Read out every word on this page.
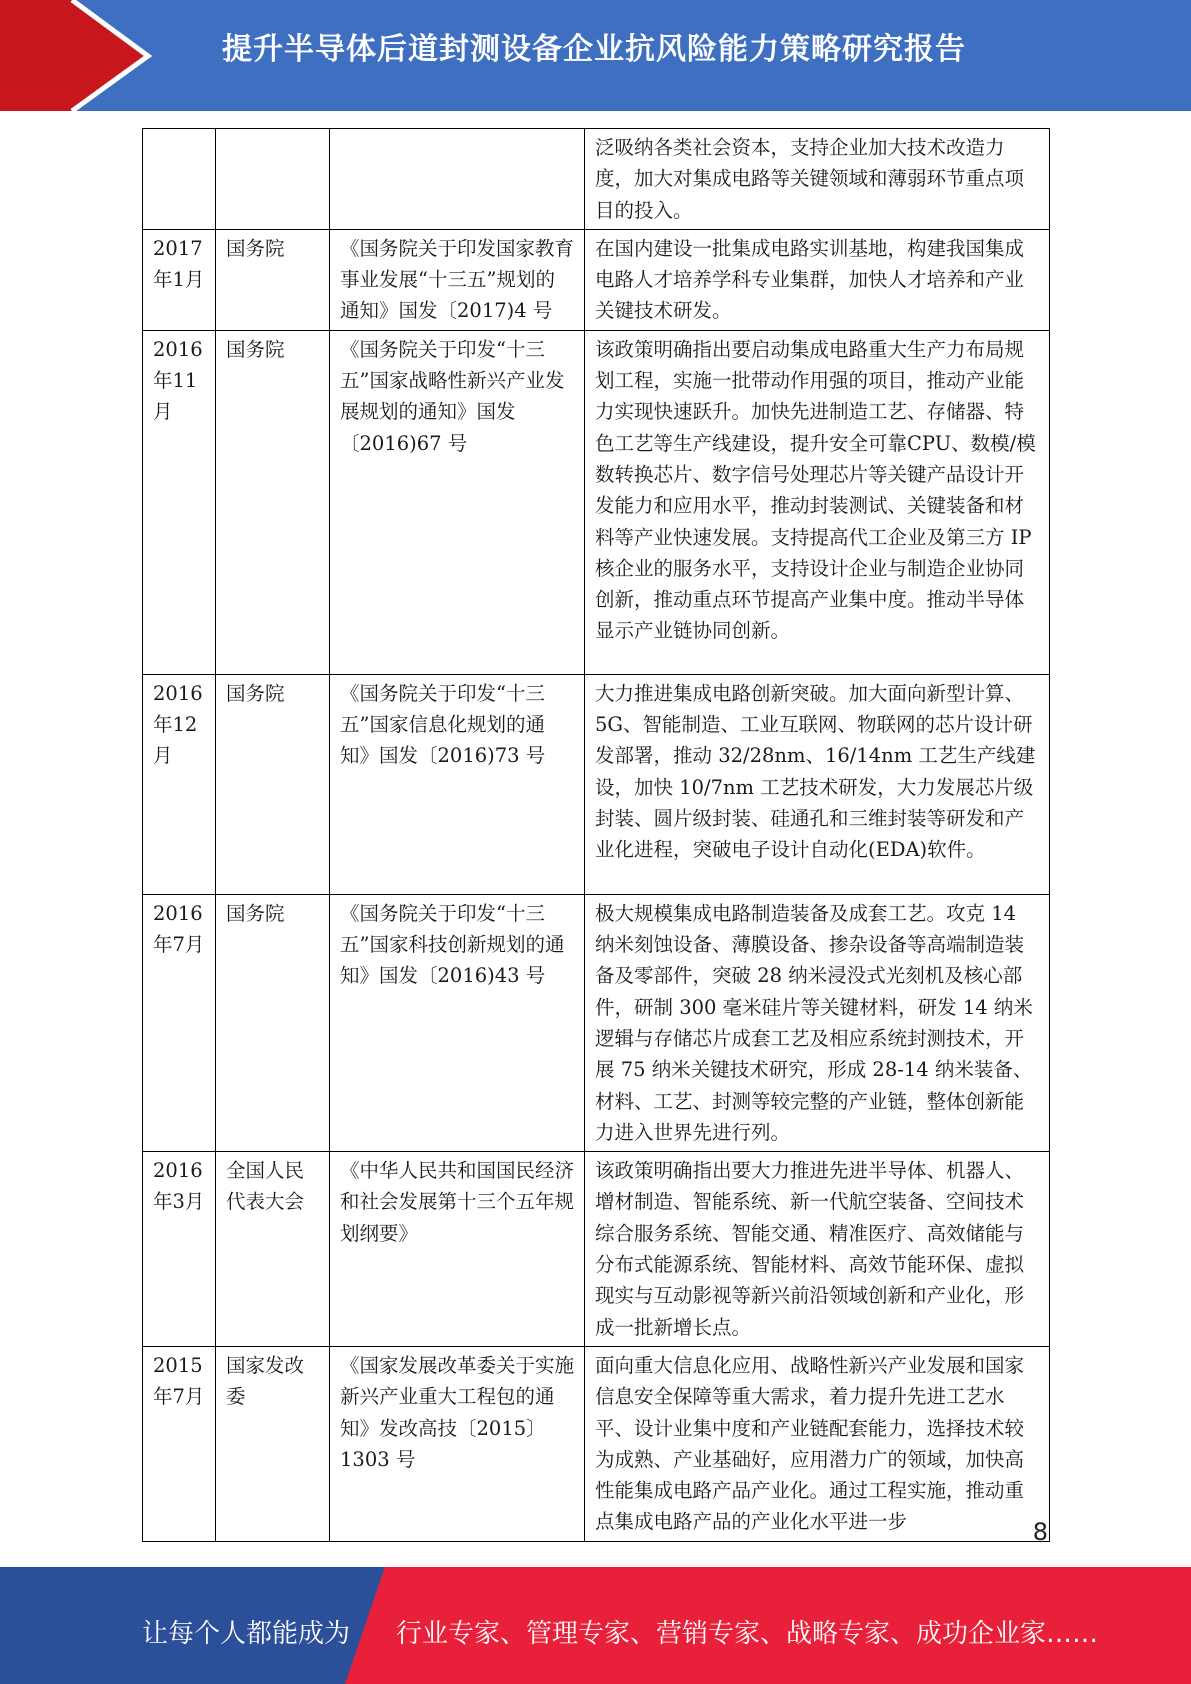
提升半导体后道封测设备企业抗风险能力策略研究报告
			泛吸纳各类社会资本，支持企业加大技术改造力度，加大对集成电路等关键领域和薄弱环节重点项目的投入。
2017年1月	国务院	《国务院关于印发国家教育事业发展“十三五”规划的通知》国发〔2017)4 号	在国内建设一批集成电路实训基地，构建我国集成电路人才培养学科专业集群，加快人才培养和产业关键技术研发。
2016年11月	国务院	《国务院关于印发“十三五”国家战略性新兴产业发展规划的通知》国发〔2016)67 号	该政策明确指出要启动集成电路重大生产力布局规划工程，实施一批带动作用强的项目，推动产业能力实现快速跃升。加快先进制造工艺、存储器、特色工艺等生产线建设，提升安全可靠CPU、数模/模数转换芯片、数字信号处理芯片等关键产品设计开发能力和应用水平，推动封装测试、关键装备和材料等产业快速发展。支持提高代工企业及第三方 IP 核企业的服务水平，支持设计企业与制造企业协同创新，推动重点环节提高产业集中度。推动半导体显示产业链协同创新。
2016年12月	国务院	《国务院关于印发“十三五”国家信息化规划的通知》国发〔2016)73 号	大力推进集成电路创新突破。加大面向新型计算、5G、智能制造、工业互联网、物联网的芯片设计研发部署，推动 32/28nm、16/14nm 工艺生产线建设，加快 10/7nm 工艺技术研发，大力发展芯片级封装、圆片级封装、硅通孔和三维封装等研发和产业化进程，突破电子设计自动化(EDA)软件。
2016年7月	国务院	《国务院关于印发“十三五”国家科技创新规划的通知》国发〔2016)43 号	极大规模集成电路制造装备及成套工艺。攻克 14 纳米刻蚀设备、薄膜设备、掺杂设备等高端制造装备及零部件，突破 28 纳米浸没式光刻机及核心部件，研制 300 毫米硅片等关键材料，研发 14 纳米逻辑与存储芯片成套工艺及相应系统封测技术，开展 75 纳米关键技术研究，形成 28-14 纳米装备、材料、工艺、封测等较完整的产业链，整体创新能力进入世界先进行列。
2016年3月	全国人民代表大会	《中华人民共和国国民经济和社会发展第十三个五年规划纲要》	该政策明确指出要大力推进先进半导体、机器人、增材制造、智能系统、新一代航空装备、空间技术综合服务系统、智能交通、精准医疗、高效储能与分布式能源系统、智能材料、高效节能环保、虚拟现实与互动影视等新兴前沿领域创新和产业化，形成一批新增长点。
2015年7月	国家发改委	《国家发展改革委关于实施新兴产业重大工程包的通知》发改高技〔2015〕1303 号	面向重大信息化应用、战略性新兴产业发展和国家信息安全保障等重大需求，着力提升先进工艺水平、设计业集中度和产业链配套能力，选择技术较为成熟、产业基础好，应用潜力广的领域，加快高性能集成电路产品产业化。通过工程实施，推动重点集成电路产品的产业化水平进一步	8
让每个人都能成为 行业专家、管理专家、营销专家、战略专家、成功企业家……
